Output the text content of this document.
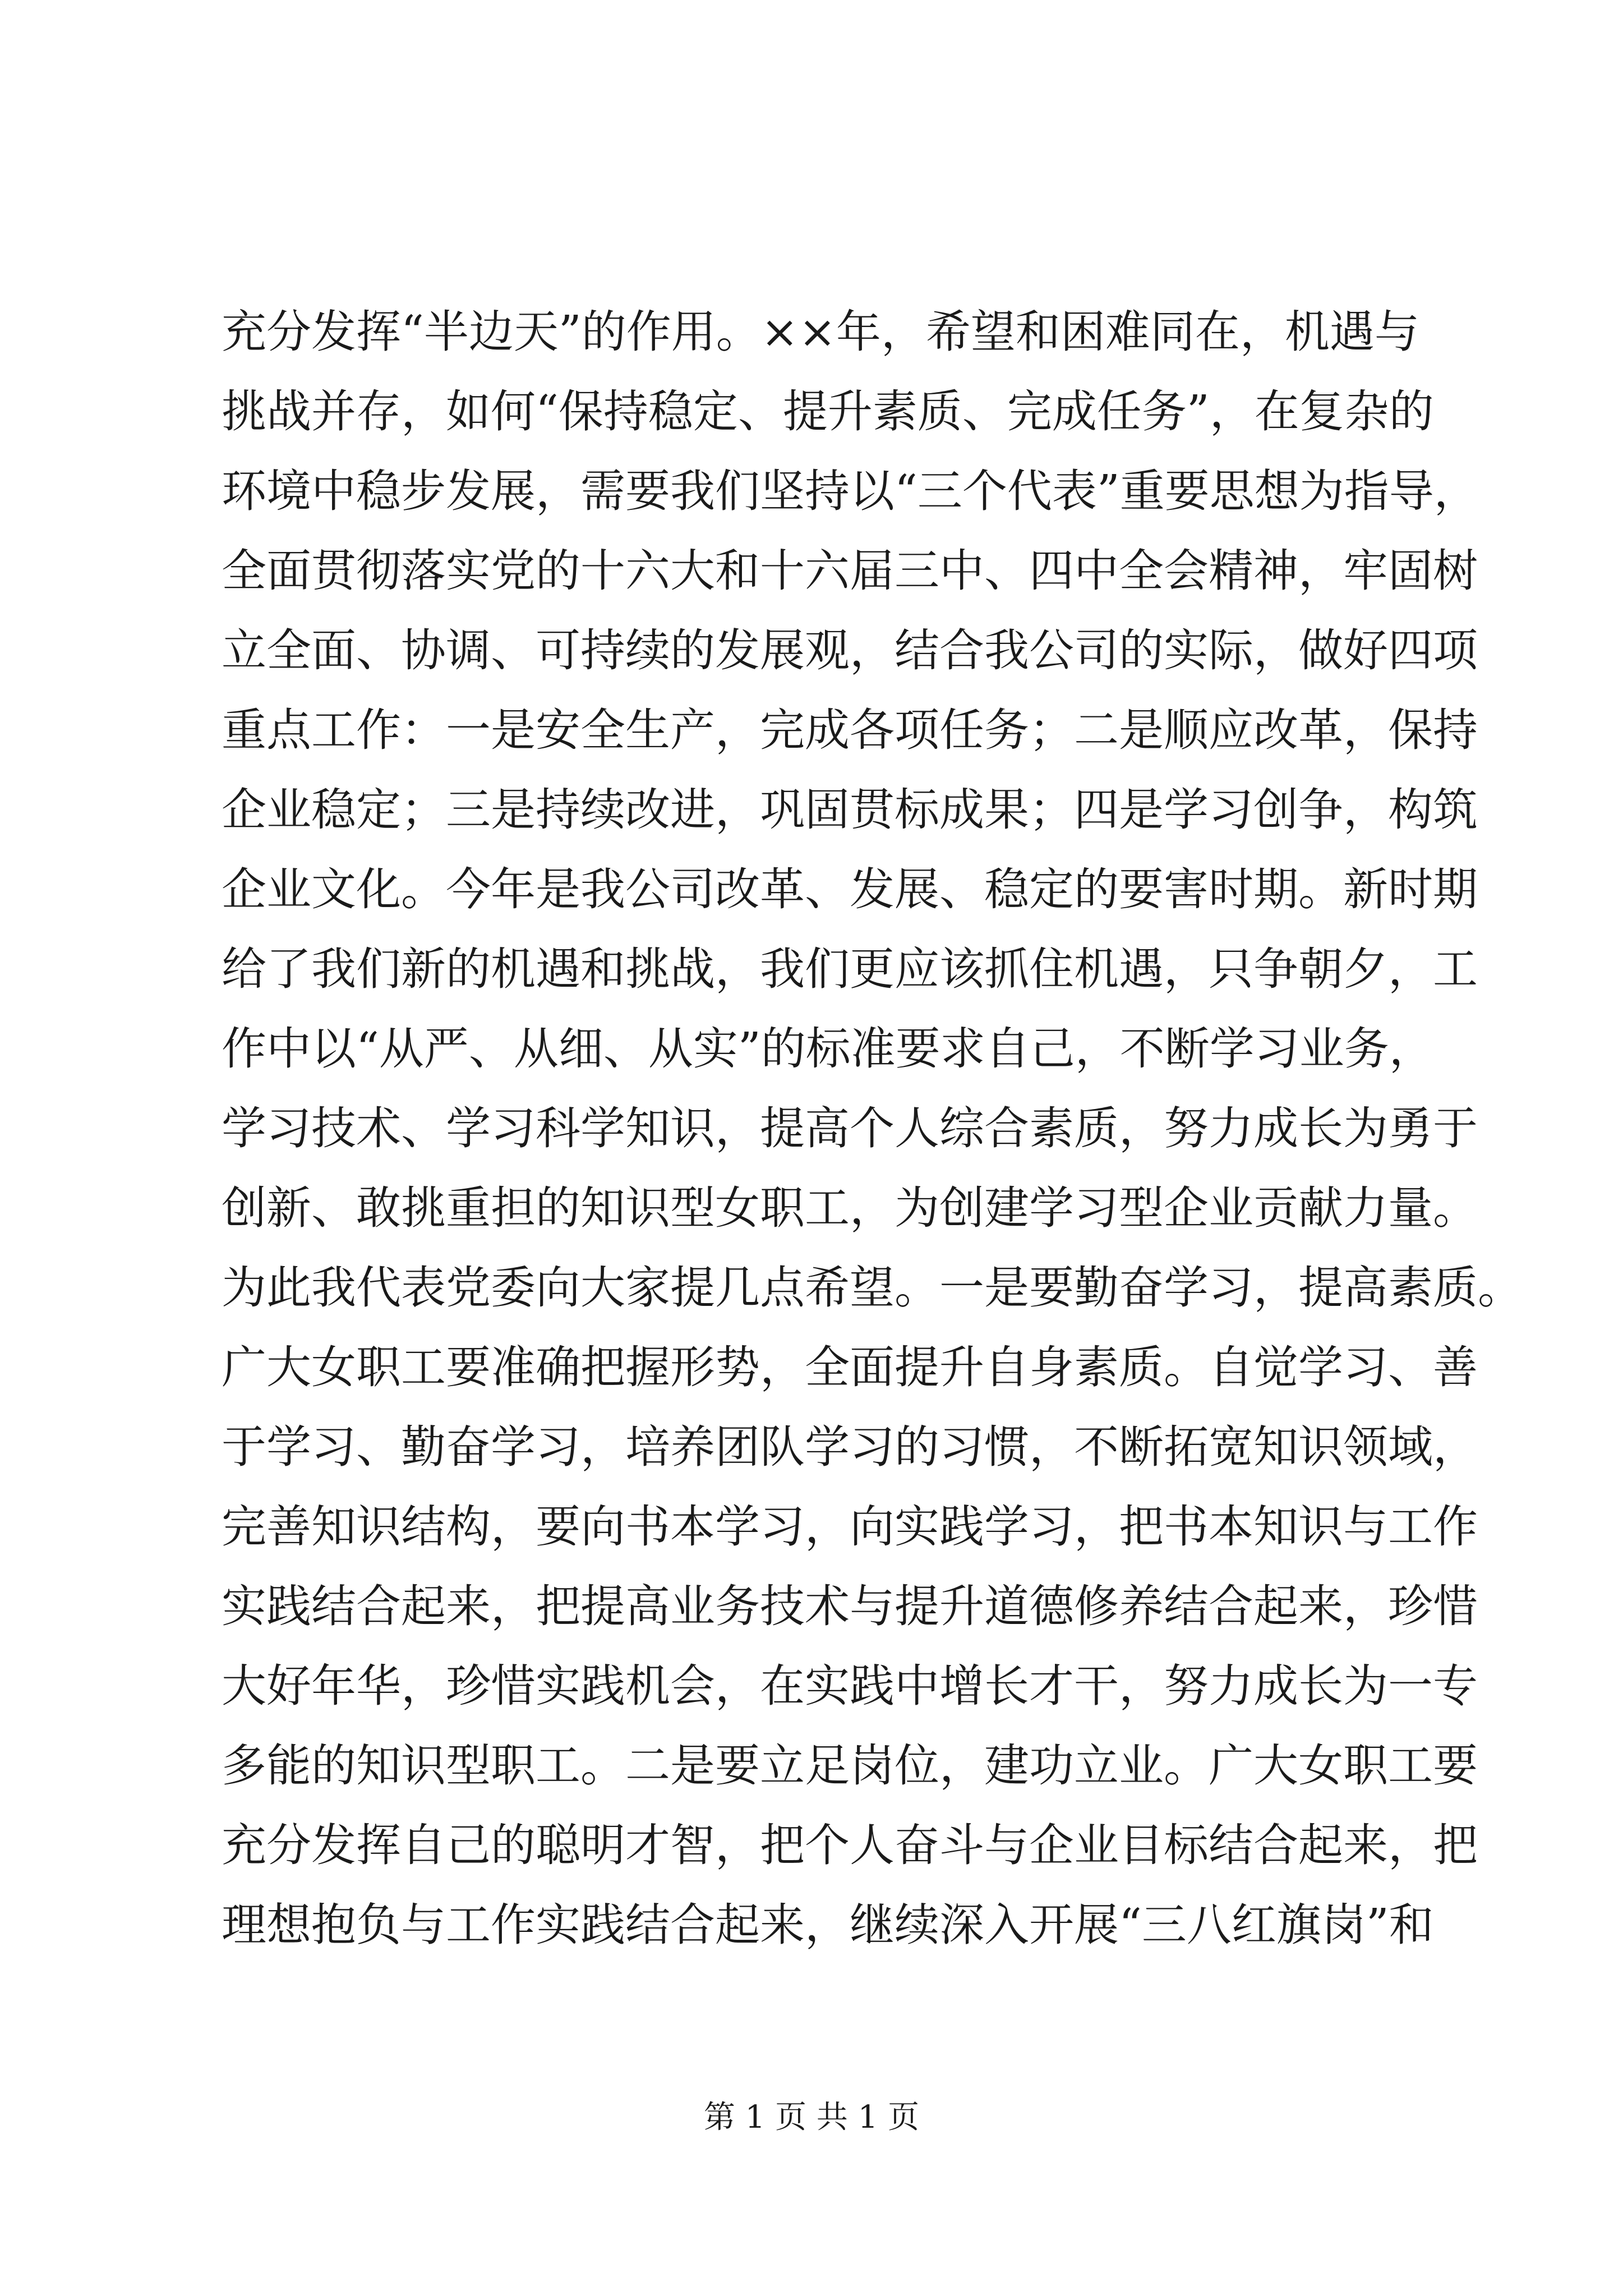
充分发挥“半边天”的作用。××年，希望和困难同在，机遇与
挑战并存，如何“保持稳定、提升素质、完成任务”，在复杂的
环境中稳步发展，需要我们坚持以“三个代表”重要思想为指导，
全面贯彻落实党的十六大和十六届三中、四中全会精神，牢固树
立全面、协调、可持续的发展观，结合我公司的实际，做好四项
重点工作：一是安全生产，完成各项任务；二是顺应改革，保持
企业稳定；三是持续改进，巩固贯标成果；四是学习创争，构筑
企业文化。今年是我公司改革、发展、稳定的要害时期。新时期
给了我们新的机遇和挑战，我们更应该抓住机遇，只争朝夕，工
作中以“从严、从细、从实”的标准要求自己，不断学习业务，
学习技术、学习科学知识，提高个人综合素质，努力成长为勇于
创新、敢挑重担的知识型女职工，为创建学习型企业贡献力量。
为此我代表党委向大家提几点希望。一是要勤奋学习，提高素质。
广大女职工要准确把握形势，全面提升自身素质。自觉学习、善
于学习、勤奋学习，培养团队学习的习惯，不断拓宽知识领域，
完善知识结构，要向书本学习，向实践学习，把书本知识与工作
实践结合起来，把提高业务技术与提升道德修养结合起来，珍惜
大好年华，珍惜实践机会，在实践中增长才干，努力成长为一专
多能的知识型职工。二是要立足岗位，建功立业。广大女职工要
充分发挥自己的聪明才智，把个人奋斗与企业目标结合起来，把
理想抱负与工作实践结合起来，继续深入开展“三八红旗岗”和
第 1 页 共 1 页
